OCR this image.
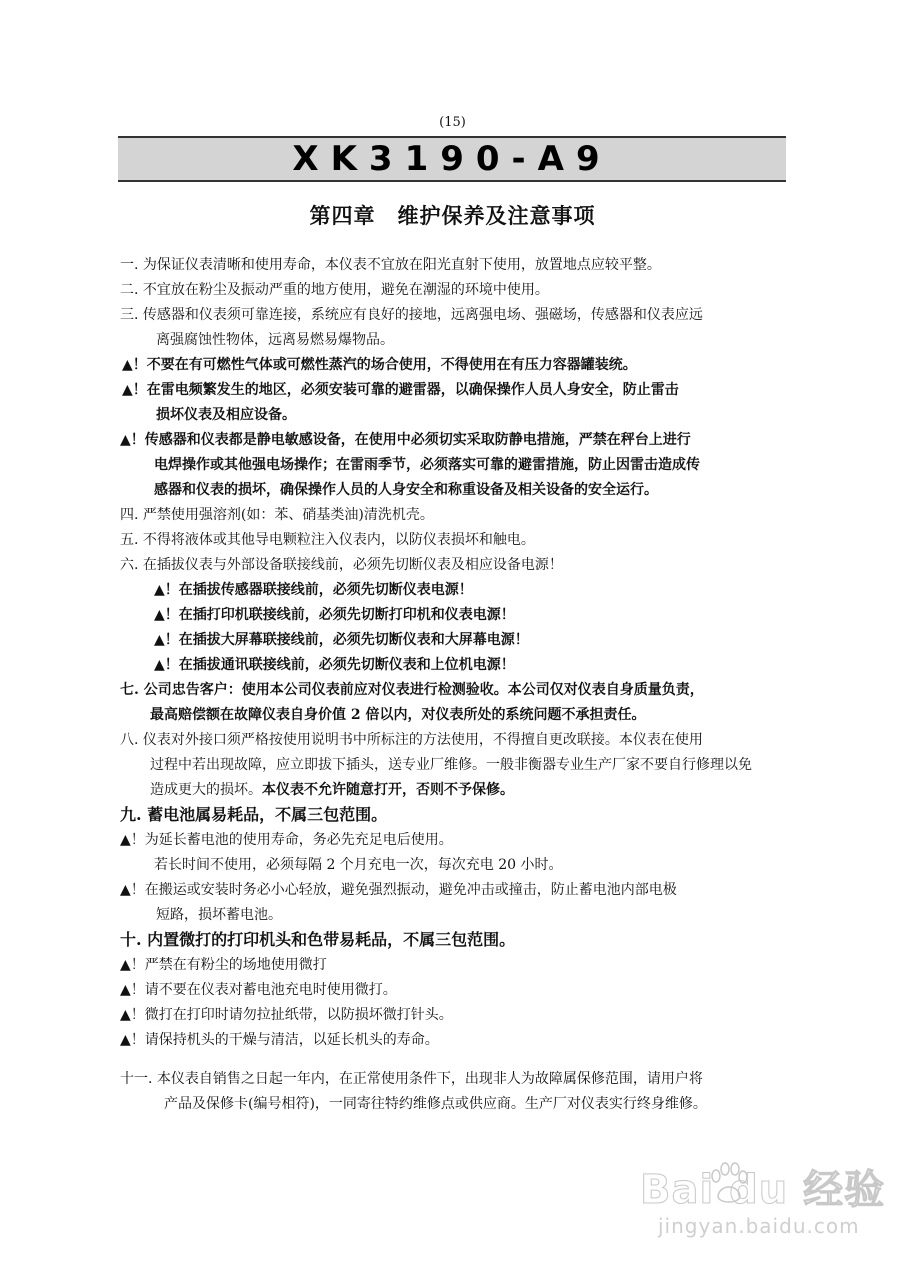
(15)
XK3190-A9
第四章　维护保养及注意事项
一. 为保证仪表清晰和使用寿命，本仪表不宜放在阳光直射下使用，放置地点应较平整。
二. 不宜放在粉尘及振动严重的地方使用，避免在潮湿的环境中使用。
三. 传感器和仪表须可靠连接，系统应有良好的接地，远离强电场、强磁场，传感器和仪表应远
离强腐蚀性物体，远离易燃易爆物品。
▲！不要在有可燃性气体或可燃性蒸汽的场合使用，不得使用在有压力容器罐装统。
▲！在雷电频繁发生的地区，必须安装可靠的避雷器，以确保操作人员人身安全，防止雷击
损坏仪表及相应设备。
▲！传感器和仪表都是静电敏感设备，在使用中必须切实采取防静电措施，严禁在秤台上进行
电焊操作或其他强电场操作；在雷雨季节，必须落实可靠的避雷措施，防止因雷击造成传
感器和仪表的损坏，确保操作人员的人身安全和称重设备及相关设备的安全运行。
四. 严禁使用强溶剂(如：苯、硝基类油)清洗机壳。
五. 不得将液体或其他导电颗粒注入仪表内，以防仪表损坏和触电。
六. 在插拔仪表与外部设备联接线前，必须先切断仪表及相应设备电源！
▲！在插拔传感器联接线前，必须先切断仪表电源！
▲！在插打印机联接线前，必须先切断打印机和仪表电源！
▲！在插拔大屏幕联接线前，必须先切断仪表和大屏幕电源！
▲！在插拔通讯联接线前，必须先切断仪表和上位机电源！
七. 公司忠告客户：使用本公司仪表前应对仪表进行检测验收。本公司仅对仪表自身质量负责，
最高赔偿额在故障仪表自身价值 2 倍以内，对仪表所处的系统问题不承担责任。
八. 仪表对外接口须严格按使用说明书中所标注的方法使用，不得擅自更改联接。本仪表在使用
过程中若出现故障，应立即拔下插头，送专业厂维修。一般非衡器专业生产厂家不要自行修理以免
造成更大的损坏。本仪表不允许随意打开，否则不予保修。
九. 蓄电池属易耗品，不属三包范围。
▲！为延长蓄电池的使用寿命，务必先充足电后使用。
若长时间不使用，必须每隔 2 个月充电一次，每次充电 20 小时。
▲！在搬运或安装时务必小心轻放，避免强烈振动，避免冲击或撞击，防止蓄电池内部电极
短路，损坏蓄电池。
十. 内置微打的打印机头和色带易耗品，不属三包范围。
▲！严禁在有粉尘的场地使用微打
▲！请不要在仪表对蓄电池充电时使用微打。
▲！微打在打印时请勿拉扯纸带，以防损坏微打针头。
▲！请保持机头的干燥与清洁，以延长机头的寿命。
十一. 本仪表自销售之日起一年内，在正常使用条件下，出现非人为故障属保修范围，请用户将
产品及保修卡(编号相符)，一同寄往特约维修点或供应商。生产厂对仪表实行终身维修。
Bai du 经验
jingyan.baidu.com
